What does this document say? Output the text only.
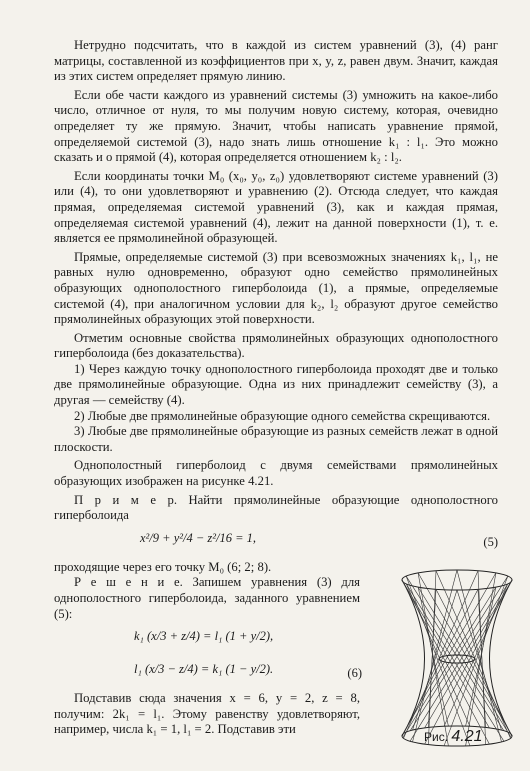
Нетрудно подсчитать, что в каждой из систем уравнений (3), (4) ранг матрицы, составленной из коэффициентов при x, y, z, равен двум. Значит, каждая из этих систем определяет прямую линию.

Если обе части каждого из уравнений системы (3) умножить на какое-либо число, отличное от нуля, то мы получим новую систему, которая, очевидно определяет ту же прямую. Значит, чтобы написать уравнение прямой, определяемой системой (3), надо знать лишь отношение k₁ : l₁. Это можно сказать и о прямой (4), которая определяется отношением k₂ : l₂.

Если координаты точки M₀ (x₀, y₀, z₀) удовлетворяют системе уравнений (3) или (4), то они удовлетворяют и уравнению (2). Отсюда следует, что каждая прямая, определяемая системой уравнений (3), как и каждая прямая, определяемая системой уравнений (4), лежит на данной поверхности (1), т. е. является ее прямолинейной образующей.

Прямые, определяемые системой (3) при всевозможных значениях k₁, l₁, не равных нулю одновременно, образуют одно семейство прямолинейных образующих однополостного гиперболоида (1), а прямые, определяемые системой (4), при аналогичном условии для k₂, l₂ образуют другое семейство прямолинейных образующих этой поверхности.

Отметим основные свойства прямолинейных образующих однополостного гиперболоида (без доказательства).

1) Через каждую точку однополостного гиперболоида проходят две и только две прямолинейные образующие. Одна из них принадлежит семейству (3), а другая — семейству (4).

2) Любые две прямолинейные образующие одного семейства скрещиваются.

3) Любые две прямолинейные образующие из разных семейств лежат в одной плоскости.

Однополостный гиперболоид с двумя семействами прямолинейных образующих изображен на рисунке 4.21.

П р и м е р. Найти прямолинейные образующие однополостного гиперболоида

x²/9 + y²/4 − z²/16 = 1,	(5)

проходящие через его точку M₀ (6; 2; 8).

Р е ш е н и е. Запишем уравнения (3) для однополостного гиперболоида, заданного уравнением (5):

k₁ (x/3 + z/4) = l₁ (1 + y/2),
l₁ (x/3 − z/4) = k₁ (1 − y/2).	(6)

Подставив сюда значения x = 6, y = 2, z = 8, получим: 2k₁ = l₁. Этому равенству удовлетворяют, например, числа k₁ = 1, l₁ = 2. Подставив эти

Рис. 4.21
